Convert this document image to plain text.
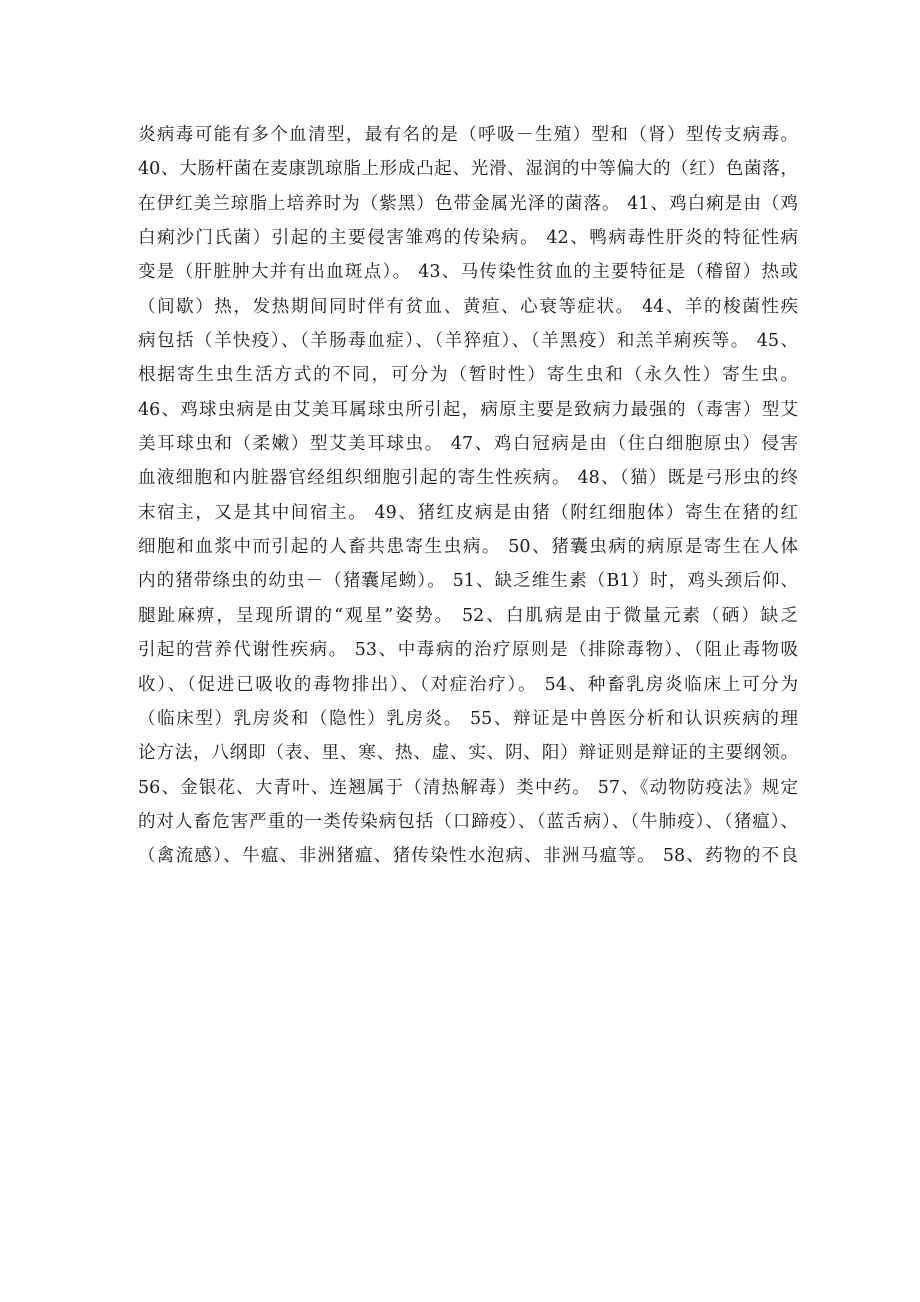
炎病毒可能有多个血清型，最有名的是（呼吸－生殖）型和（肾）型传支病毒。
40、大肠杆菌在麦康凯琼脂上形成凸起、光滑、湿润的中等偏大的（红）色菌落，
在伊红美兰琼脂上培养时为（紫黑）色带金属光泽的菌落。 41、鸡白痢是由（鸡
白痢沙门氏菌）引起的主要侵害雏鸡的传染病。 42、鸭病毒性肝炎的特征性病
变是（肝脏肿大并有出血斑点）。 43、马传染性贫血的主要特征是（稽留）热或
（间歇）热，发热期间同时伴有贫血、黄疸、心衰等症状。 44、羊的梭菌性疾
病包括（羊快疫）、（羊肠毒血症）、（羊猝疽）、（羊黑疫）和羔羊痢疾等。 45、
根据寄生虫生活方式的不同，可分为（暂时性）寄生虫和（永久性）寄生虫。
46、鸡球虫病是由艾美耳属球虫所引起，病原主要是致病力最强的（毒害）型艾
美耳球虫和（柔嫩）型艾美耳球虫。 47、鸡白冠病是由（住白细胞原虫）侵害
血液细胞和内脏器官经组织细胞引起的寄生性疾病。 48、（猫）既是弓形虫的终
末宿主，又是其中间宿主。 49、猪红皮病是由猪（附红细胞体）寄生在猪的红
细胞和血浆中而引起的人畜共患寄生虫病。 50、猪囊虫病的病原是寄生在人体
内的猪带绦虫的幼虫－（猪囊尾蚴）。 51、缺乏维生素（B1）时，鸡头颈后仰、
腿趾麻痹，呈现所谓的“观星”姿势。 52、白肌病是由于微量元素（硒）缺乏
引起的营养代谢性疾病。 53、中毒病的治疗原则是（排除毒物）、（阻止毒物吸
收）、（促进已吸收的毒物排出）、（对症治疗）。 54、种畜乳房炎临床上可分为
（临床型）乳房炎和（隐性）乳房炎。 55、辩证是中兽医分析和认识疾病的理
论方法，八纲即（表、里、寒、热、虚、实、阴、阳）辩证则是辩证的主要纲领。
56、金银花、大青叶、连翘属于（清热解毒）类中药。 57、《动物防疫法》规定
的对人畜危害严重的一类传染病包括（口蹄疫）、（蓝舌病）、（牛肺疫）、（猪瘟）、
（禽流感）、牛瘟、非洲猪瘟、猪传染性水泡病、非洲马瘟等。 58、药物的不良
